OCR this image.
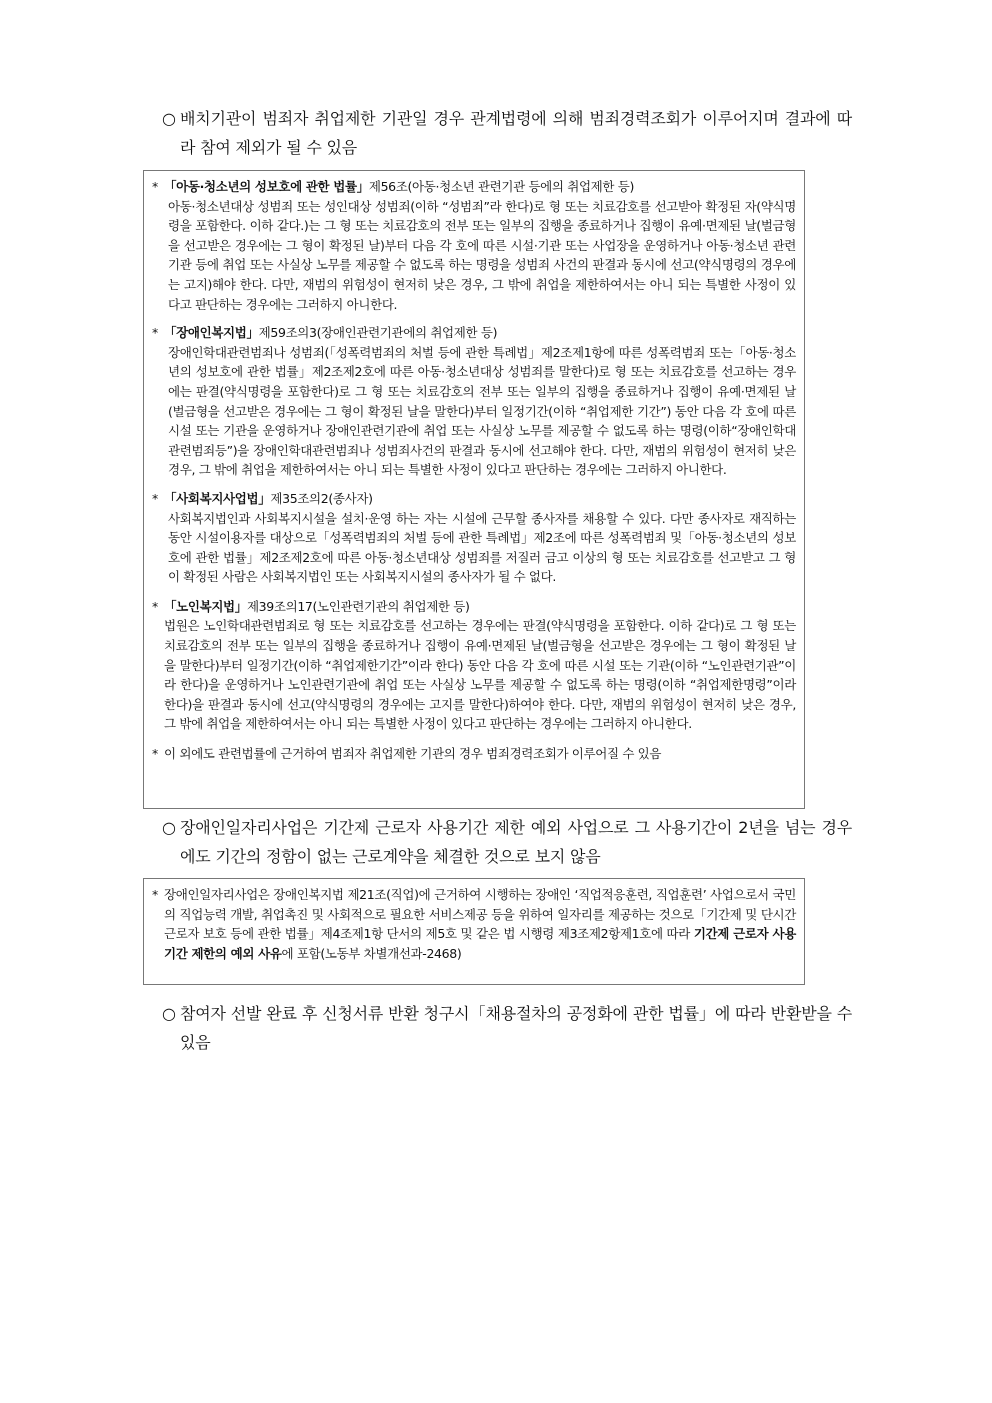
○ 배치기관이 범죄자 취업제한 기관일 경우 관계법령에 의해 범죄경력조회가 이루어지며 결과에 따라 참여 제외가 될 수 있음
* 「아동·청소년의 성보호에 관한 법률」제56조(아동·청소년 관련기관 등에의 취업제한 등)
아동·청소년대상 성범죄 또는 성인대상 성범죄(이하 “성범죄”라 한다)로 형 또는 치료감호를 선고받아 확정된 자(약식명령을 포함한다. 이하 같다.)는 그 형 또는 치료감호의 전부 또는 일부의 집행을 종료하거나 집행이 유예·면제된 날(벌금형을 선고받은 경우에는 그 형이 확정된 날)부터 다음 각 호에 따른 시설·기관 또는 사업장을 운영하거나 아동·청소년 관련기관 등에 취업 또는 사실상 노무를 제공할 수 없도록 하는 명령을 성범죄 사건의 판결과 동시에 선고(약식명령의 경우에는 고지)해야 한다. 다만, 재범의 위험성이 현저히 낮은 경우, 그 밖에 취업을 제한하여서는 아니 되는 특별한 사정이 있다고 판단하는 경우에는 그러하지 아니한다.
* 「장애인복지법」제59조의3(장애인관련기관에의 취업제한 등)
장애인학대관련범죄나 성범죄(「성폭력범죄의 처벌 등에 관한 특례법」제2조제1항에 따른 성폭력범죄 또는「아동·청소년의 성보호에 관한 법률」제2조제2호에 따른 아동·청소년대상 성범죄를 말한다)로 형 또는 치료감호를 선고하는 경우에는 판결(약식명령을 포함한다)로 그 형 또는 치료감호의 전부 또는 일부의 집행을 종료하거나 집행이 유예·면제된 날(벌금형을 선고받은 경우에는 그 형이 확정된 날을 말한다)부터 일정기간(이하 “취업제한 기간”) 동안 다음 각 호에 따른 시설 또는 기관을 운영하거나 장애인관련기관에 취업 또는 사실상 노무를 제공할 수 없도록 하는 명령(이하“장애인학대관련범죄등”)을 장애인학대관련범죄나 성범죄사건의 판결과 동시에 선고해야 한다. 다만, 재범의 위험성이 현저히 낮은 경우, 그 밖에 취업을 제한하여서는 아니 되는 특별한 사정이 있다고 판단하는 경우에는 그러하지 아니한다.
* 「사회복지사업법」제35조의2(종사자)
사회복지법인과 사회복지시설을 설치·운영 하는 자는 시설에 근무할 종사자를 채용할 수 있다. 다만 종사자로 재직하는 동안 시설이용자를 대상으로「성폭력범죄의 처벌 등에 관한 특례법」제2조에 따른 성폭력범죄 및「아동·청소년의 성보호에 관한 법률」제2조제2호에 따른 아동·청소년대상 성범죄를 저질러 금고 이상의 형 또는 치료감호를 선고받고 그 형이 확정된 사람은 사회복지법인 또는 사회복지시설의 종사자가 될 수 없다.
* 「노인복지법」제39조의17(노인관련기관의 취업제한 등)
법원은 노인학대관련범죄로 형 또는 치료감호를 선고하는 경우에는 판결(약식명령을 포함한다. 이하 같다)로 그 형 또는 치료감호의 전부 또는 일부의 집행을 종료하거나 집행이 유예·면제된 날(벌금형을 선고받은 경우에는 그 형이 확정된 날을 말한다)부터 일정기간(이하 “취업제한기간”이라 한다) 동안 다음 각 호에 따른 시설 또는 기관(이하 “노인관련기관”이라 한다)을 운영하거나 노인관련기관에 취업 또는 사실상 노무를 제공할 수 없도록 하는 명령(이하 “취업제한명령”이라 한다)을 판결과 동시에 선고(약식명령의 경우에는 고지를 말한다)하여야 한다. 다만, 재범의 위험성이 현저히 낮은 경우, 그 밖에 취업을 제한하여서는 아니 되는 특별한 사정이 있다고 판단하는 경우에는 그러하지 아니한다.
* 이 외에도 관련법률에 근거하여 범죄자 취업제한 기관의 경우 범죄경력조회가 이루어질 수 있음
○ 장애인일자리사업은 기간제 근로자 사용기간 제한 예외 사업으로 그 사용기간이 2년을 넘는 경우에도 기간의 정함이 없는 근로계약을 체결한 것으로 보지 않음
* 장애인일자리사업은 장애인복지법 제21조(직업)에 근거하여 시행하는 장애인 ‘직업적응훈련, 직업훈련’ 사업으로서 국민의 직업능력 개발, 취업촉진 및 사회적으로 필요한 서비스제공 등을 위하여 일자리를 제공하는 것으로「기간제 및 단시간근로자 보호 등에 관한 법률」제4조제1항 단서의 제5호 및 같은 법 시행령 제3조제2항제1호에 따라 기간제 근로자 사용기간 제한의 예외 사유에 포함(노동부 차별개선과-2468)
○ 참여자 선발 완료 후 신청서류 반환 청구시「채용절차의 공정화에 관한 법률」에 따라 반환받을 수 있음
